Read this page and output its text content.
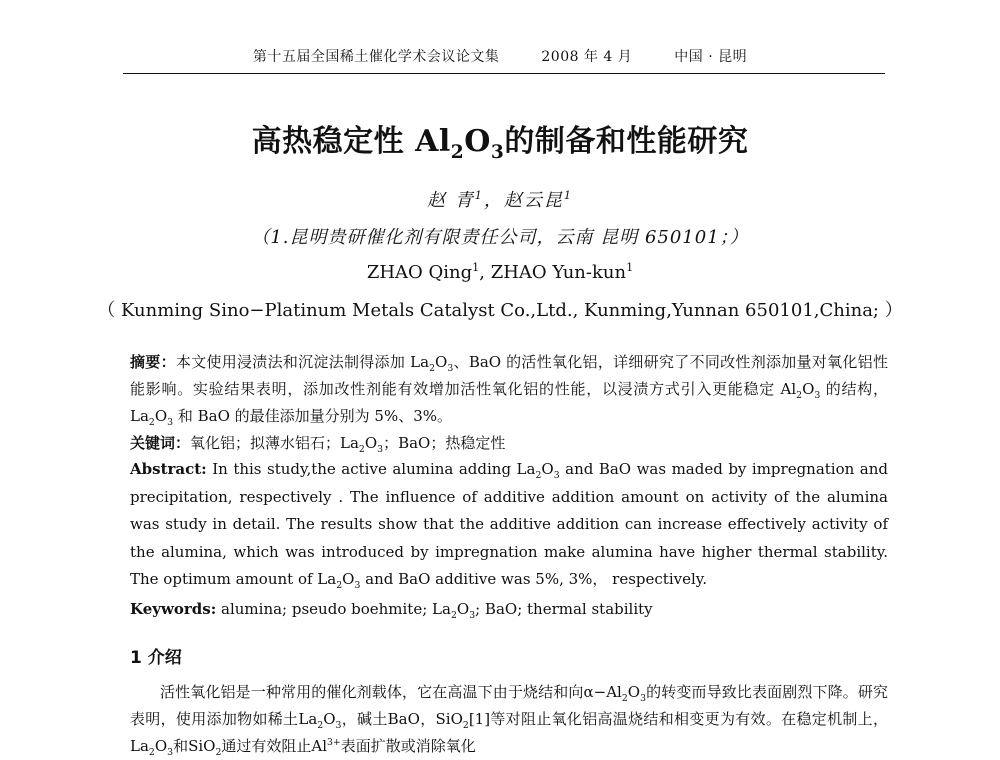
第十五届全国稀土催化学术会议论文集	2008 年 4 月	中国 · 昆明
高热稳定性 $Al_2O_3$的制备和性能研究
赵 青$^1$，赵云昆$^1$
（1.昆明贵研催化剂有限责任公司，云南 昆明 650101；）
ZHAO Qing$^1$, ZHAO Yun-kun$^1$
（ Kunming Sino−Platinum Metals Catalyst Co.,Ltd., Kunming,Yunnan 650101,China; ）
摘要：本文使用浸渍法和沉淀法制得添加 $La_2O_3$、BaO 的活性氧化铝，详细研究了不同改性剂添加量对氧化铝性能影响。实验结果表明，添加改性剂能有效增加活性氧化铝的性能，以浸渍方式引入更能稳定 $Al_2O_3$ 的结构，$La_2O_3$ 和 BaO 的最佳添加量分别为 5%、3%。
关键词：氧化铝；拟薄水铝石；$La_2O_3$；BaO；热稳定性
Abstract: In this study,the active alumina adding $La_2O_3$ and BaO was maded by impregnation and precipitation, respectively . The influence of additive addition amount on activity of the alumina was study in detail. The results show that the additive addition can increase effectively activity of the alumina, which was introduced by impregnation make alumina have higher thermal stability. The optimum amount of $La_2O_3$ and BaO additive was 5%, 3%， respectively.
Keywords: alumina; pseudo boehmite; $La_2O_3$; BaO; thermal stability
1 介绍
活性氧化铝是一种常用的催化剂载体，它在高温下由于烧结和向$\alpha-Al_2O_3$的转变而导致比表面剧烈下降。研究表明，使用添加物如稀土$La_2O_3$，碱土BaO，SiO$_2$[1]等对阻止氧化铝高温烧结和相变更为有效。在稳定机制上，$La_2O_3$和SiO$_2$通过有效阻止$Al^{3+}$表面扩散或消除氧化
